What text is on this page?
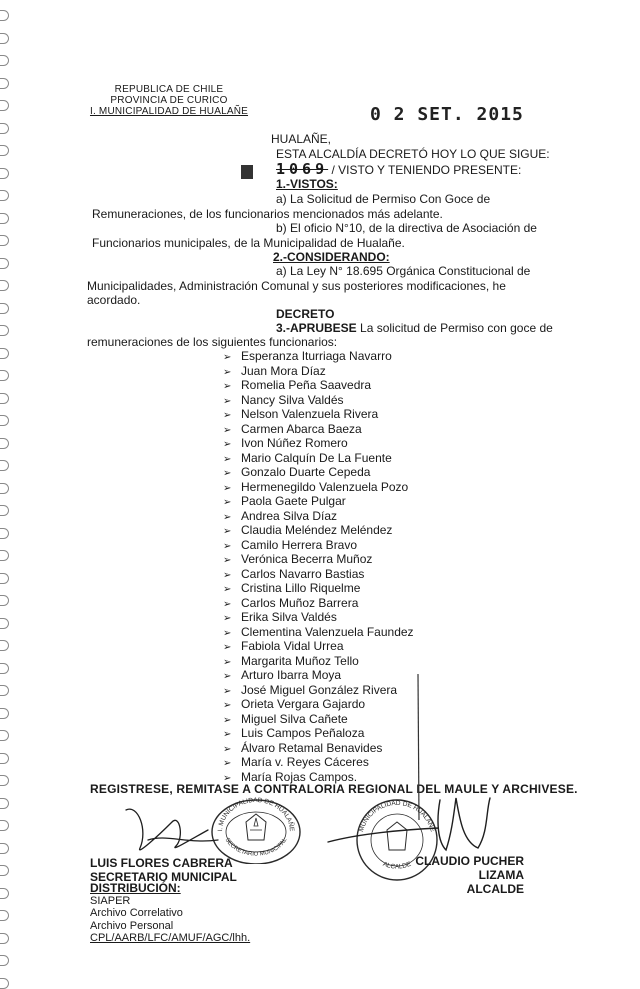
REPUBLICA DE CHILE
PROVINCIA DE CURICO
I. MUNICIPALIDAD DE HUALAÑE	0 2 SET. 2015
HUALAÑE,
ESTA ALCALDÍA DECRETÓ HOY LO QUE SIGUE:
1069 / VISTO Y TENIENDO PRESENTE:
1.-VISTOS:
a) La Solicitud de Permiso Con Goce de
Remuneraciones, de los funcionarios mencionados más adelante.
b) El oficio N°10, de la directiva de Asociación de
Funcionarios municipales, de la Municipalidad de Hualañe.
2.-CONSIDERANDO:
a) La Ley N° 18.695 Orgánica Constitucional de
Municipalidades, Administración Comunal y sus posteriores modificaciones, he
acordado.
DECRETO
3.-APRUBESE La solicitud de Permiso con goce de
remuneraciones de los siguientes funcionarios:
➢ Esperanza Iturriaga Navarro
➢ Juan Mora Díaz
➢ Romelia Peña Saavedra
➢ Nancy Silva Valdés
➢ Nelson Valenzuela Rivera
➢ Carmen Abarca Baeza
➢ Ivon Núñez Romero
➢ Mario Calquín De La Fuente
➢ Gonzalo Duarte Cepeda
➢ Hermenegildo Valenzuela Pozo
➢ Paola Gaete Pulgar
➢ Andrea Silva Díaz
➢ Claudia Meléndez Meléndez
➢ Camilo Herrera Bravo
➢ Verónica Becerra Muñoz
➢ Carlos Navarro Bastias
➢ Cristina Lillo Riquelme
➢ Carlos Muñoz Barrera
➢ Erika Silva Valdés
➢ Clementina Valenzuela Faundez
➢ Fabiola Vidal Urrea
➢ Margarita Muñoz Tello
➢ Arturo Ibarra Moya
➢ José Miguel González Rivera
➢ Orieta Vergara Gajardo
➢ Miguel Silva Cañete
➢ Luis Campos Peñaloza
➢ Álvaro Retamal Benavides
➢ María v. Reyes Cáceres
➢ María Rojas Campos.
REGISTRESE, REMITASE A CONTRALORIA REGIONAL DEL MAULE Y ARCHIVESE.
I. MUNICIPALIDAD DE HUALAÑE
SECRETARIO MUNICIPAL
MUNICIPALIDAD DE HUALAÑE
ALCALDE
LUIS FLORES CABRERA
SECRETARIO MUNICIPAL
CLAUDIO PUCHER LIZAMA
ALCALDE
DISTRIBUCIÓN:
SIAPER
Archivo Correlativo
Archivo Personal
CPL/AARB/LFC/AMUF/AGC/lhh.
